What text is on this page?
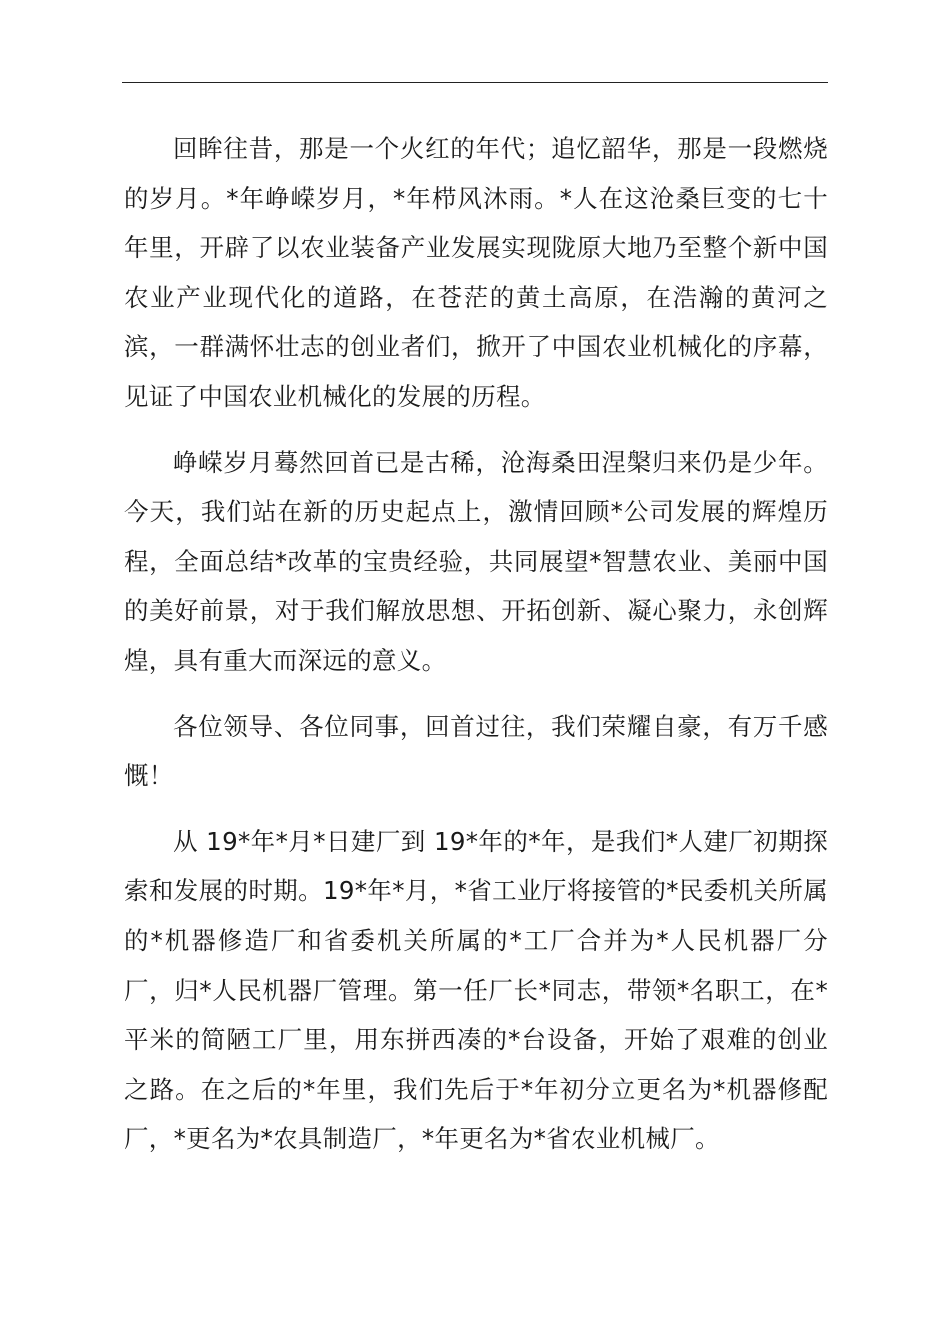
回眸往昔，那是一个火红的年代；追忆韶华，那是一段燃烧的岁月。*年峥嵘岁月，*年栉风沐雨。*人在这沧桑巨变的七十年里，开辟了以农业装备产业发展实现陇原大地乃至整个新中国农业产业现代化的道路，在苍茫的黄土高原，在浩瀚的黄河之滨，一群满怀壮志的创业者们，掀开了中国农业机械化的序幕，见证了中国农业机械化的发展的历程。

峥嵘岁月蓦然回首已是古稀，沧海桑田涅槃归来仍是少年。今天，我们站在新的历史起点上，激情回顾*公司发展的辉煌历程，全面总结*改革的宝贵经验，共同展望*智慧农业、美丽中国的美好前景，对于我们解放思想、开拓创新、凝心聚力，永创辉煌，具有重大而深远的意义。

各位领导、各位同事，回首过往，我们荣耀自豪，有万千感慨！

从 19*年*月*日建厂到 19*年的*年，是我们*人建厂初期探索和发展的时期。19*年*月，*省工业厅将接管的*民委机关所属的*机器修造厂和省委机关所属的*工厂合并为*人民机器厂分厂，归*人民机器厂管理。第一任厂长*同志，带领*名职工，在*平米的简陋工厂里，用东拼西凑的*台设备，开始了艰难的创业之路。在之后的*年里，我们先后于*年初分立更名为*机器修配厂，*更名为*农具制造厂，*年更名为*省农业机械厂。
